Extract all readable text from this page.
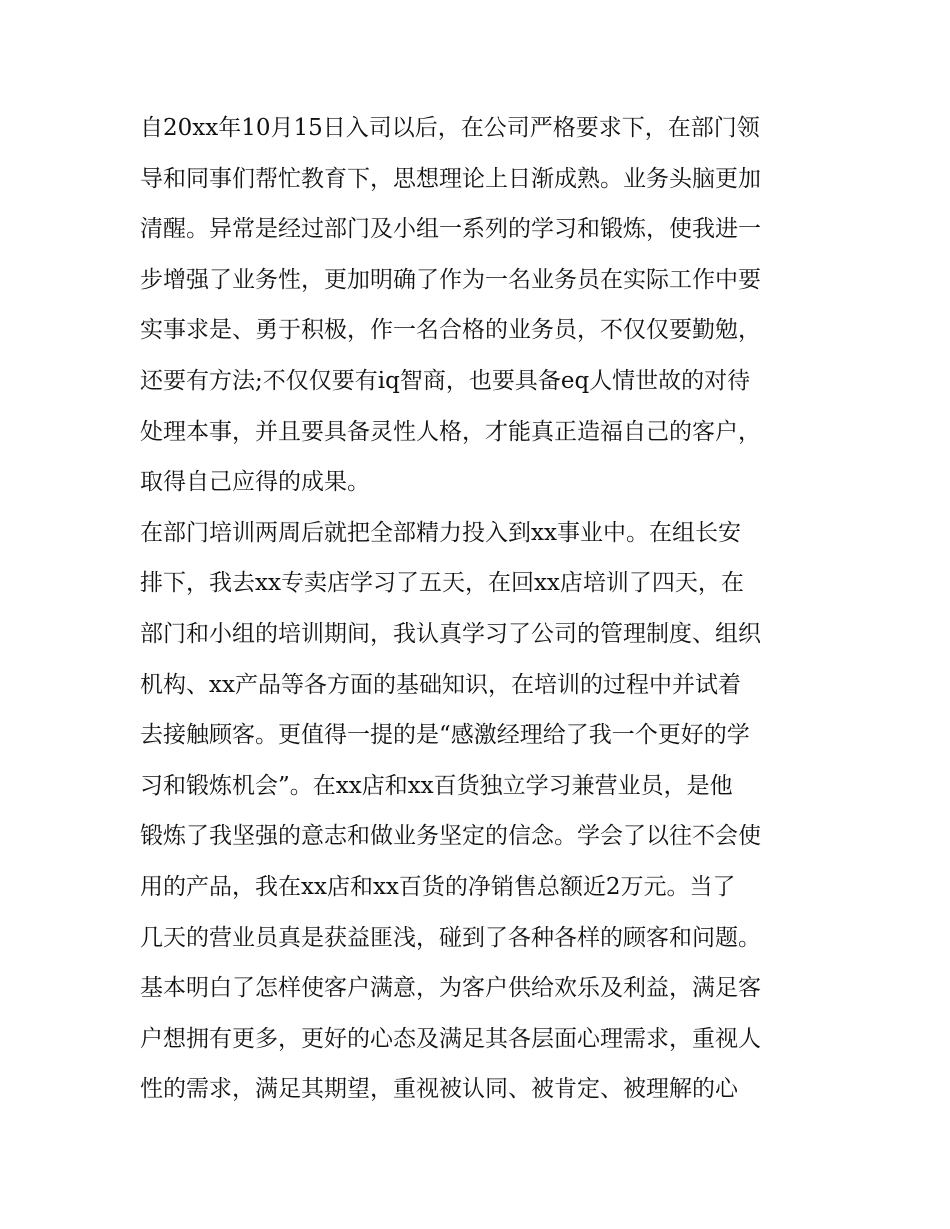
自20xx年10月15日入司以后，在公司严格要求下，在部门领
导和同事们帮忙教育下，思想理论上日渐成熟。业务头脑更加
清醒。异常是经过部门及小组一系列的学习和锻炼，使我进一
步增强了业务性，更加明确了作为一名业务员在实际工作中要
实事求是、勇于积极，作一名合格的业务员，不仅仅要勤勉，
还要有方法;不仅仅要有iq智商，也要具备eq人情世故的对待
处理本事，并且要具备灵性人格，才能真正造福自己的客户，
取得自己应得的成果。
在部门培训两周后就把全部精力投入到xx事业中。在组长安
排下，我去xx专卖店学习了五天，在回xx店培训了四天，在
部门和小组的培训期间，我认真学习了公司的管理制度、组织
机构、xx产品等各方面的基础知识，在培训的过程中并试着
去接触顾客。更值得一提的是“感激经理给了我一个更好的学
习和锻炼机会”。在xx店和xx百货独立学习兼营业员，是他
锻炼了我坚强的意志和做业务坚定的信念。学会了以往不会使
用的产品，我在xx店和xx百货的净销售总额近2万元。当了
几天的营业员真是获益匪浅，碰到了各种各样的顾客和问题。
基本明白了怎样使客户满意，为客户供给欢乐及利益，满足客
户想拥有更多，更好的心态及满足其各层面心理需求，重视人
性的需求，满足其期望，重视被认同、被肯定、被理解的心
